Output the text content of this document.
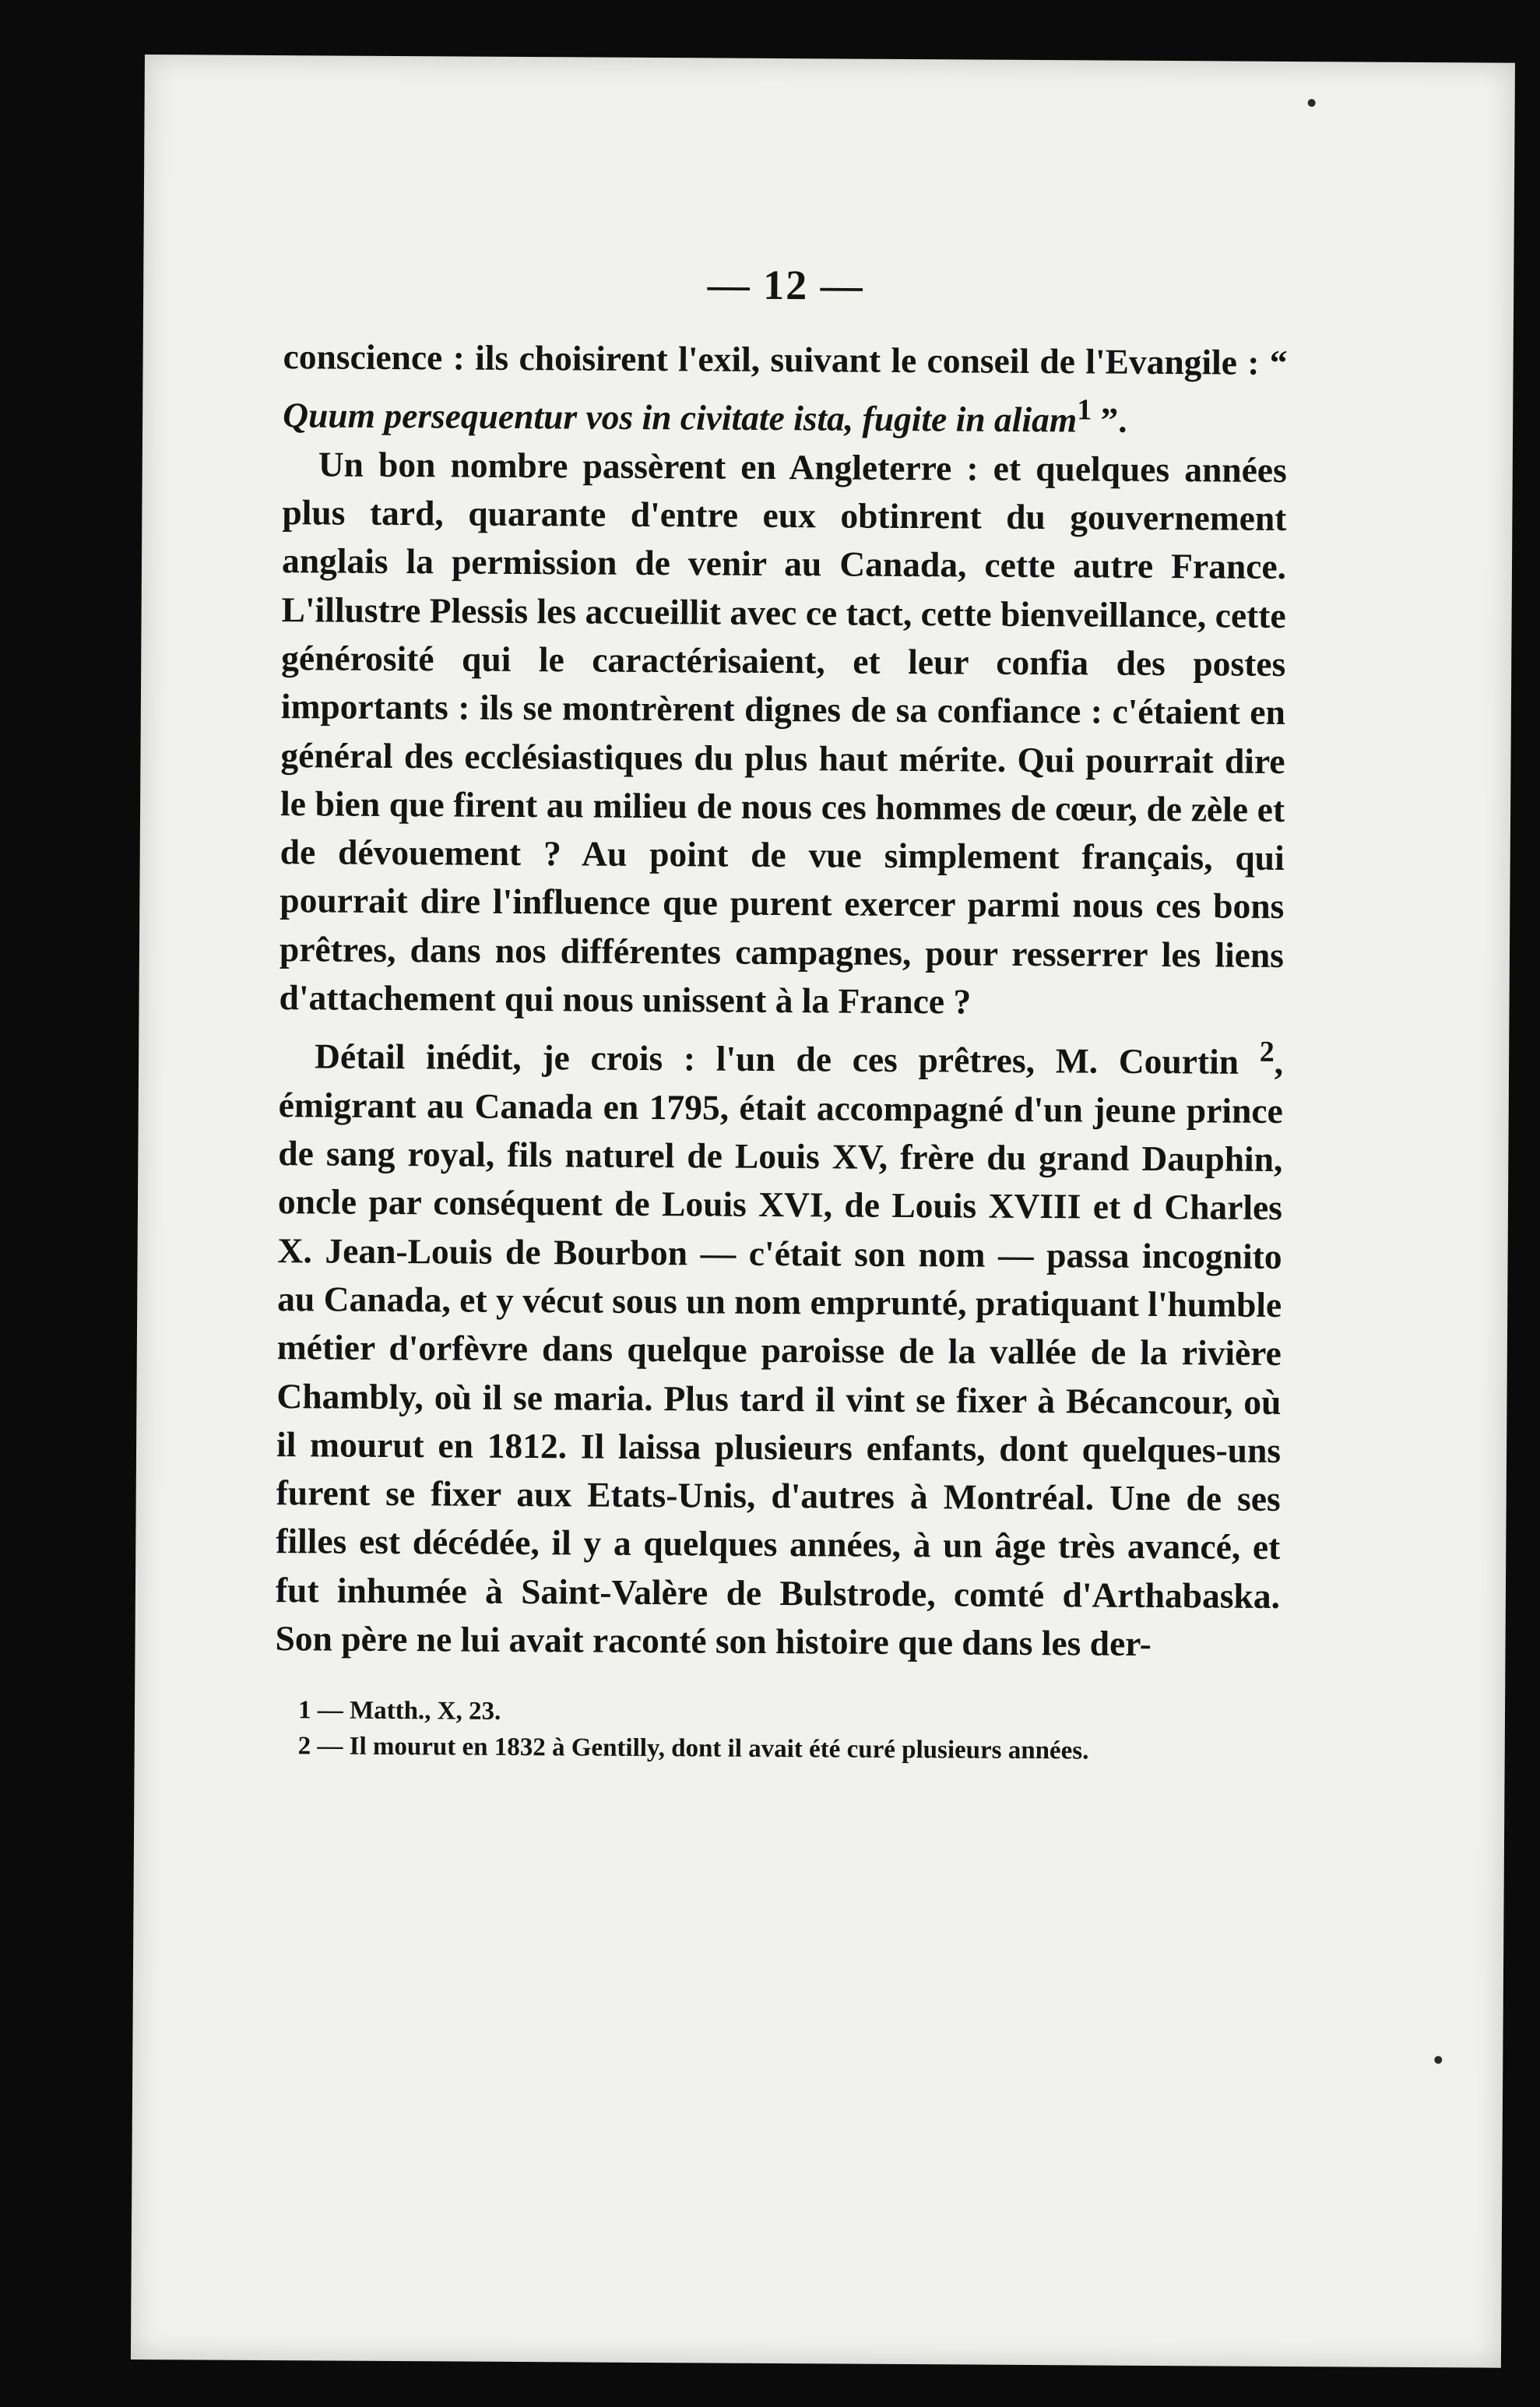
— 12 —

conscience : ils choisirent l'exil, suivant le conseil de l'Evangile : “ Quum persequentur vos in civitate ista, fugite in aliam$^1$ ”.

Un bon nombre passèrent en Angleterre : et quelques années plus tard, quarante d'entre eux obtinrent du gouvernement anglais la permission de venir au Canada, cette autre France. L'illustre Plessis les accueillit avec ce tact, cette bienveillance, cette générosité qui le caractérisaient, et leur confia des postes importants : ils se montrèrent dignes de sa confiance : c'étaient en général des ecclésiastiques du plus haut mérite. Qui pourrait dire le bien que firent au milieu de nous ces hommes de cœur, de zèle et de dévouement ? Au point de vue simplement français, qui pourrait dire l'influence que purent exercer parmi nous ces bons prêtres, dans nos différentes campagnes, pour resserrer les liens d'attachement qui nous unissent à la France ?

Détail inédit, je crois : l'un de ces prêtres, M. Courtin $^2$, émigrant au Canada en 1795, était accompagné d'un jeune prince de sang royal, fils naturel de Louis XV, frère du grand Dauphin, oncle par conséquent de Louis XVI, de Louis XVIII et d Charles X. Jean-Louis de Bourbon — c'était son nom — passa incognito au Canada, et y vécut sous un nom emprunté, pratiquant l'humble métier d'orfèvre dans quelque paroisse de la vallée de la rivière Chambly, où il se maria. Plus tard il vint se fixer à Bécancour, où il mourut en 1812. Il laissa plusieurs enfants, dont quelques-uns furent se fixer aux Etats-Unis, d'autres à Montréal. Une de ses filles est décédée, il y a quelques années, à un âge très avancé, et fut inhumée à Saint-Valère de Bulstrode, comté d'Arthabaska. Son père ne lui avait raconté son histoire que dans les der-

1 — Matth., X, 23.

2 — Il mourut en 1832 à Gentilly, dont il avait été curé plusieurs années.
